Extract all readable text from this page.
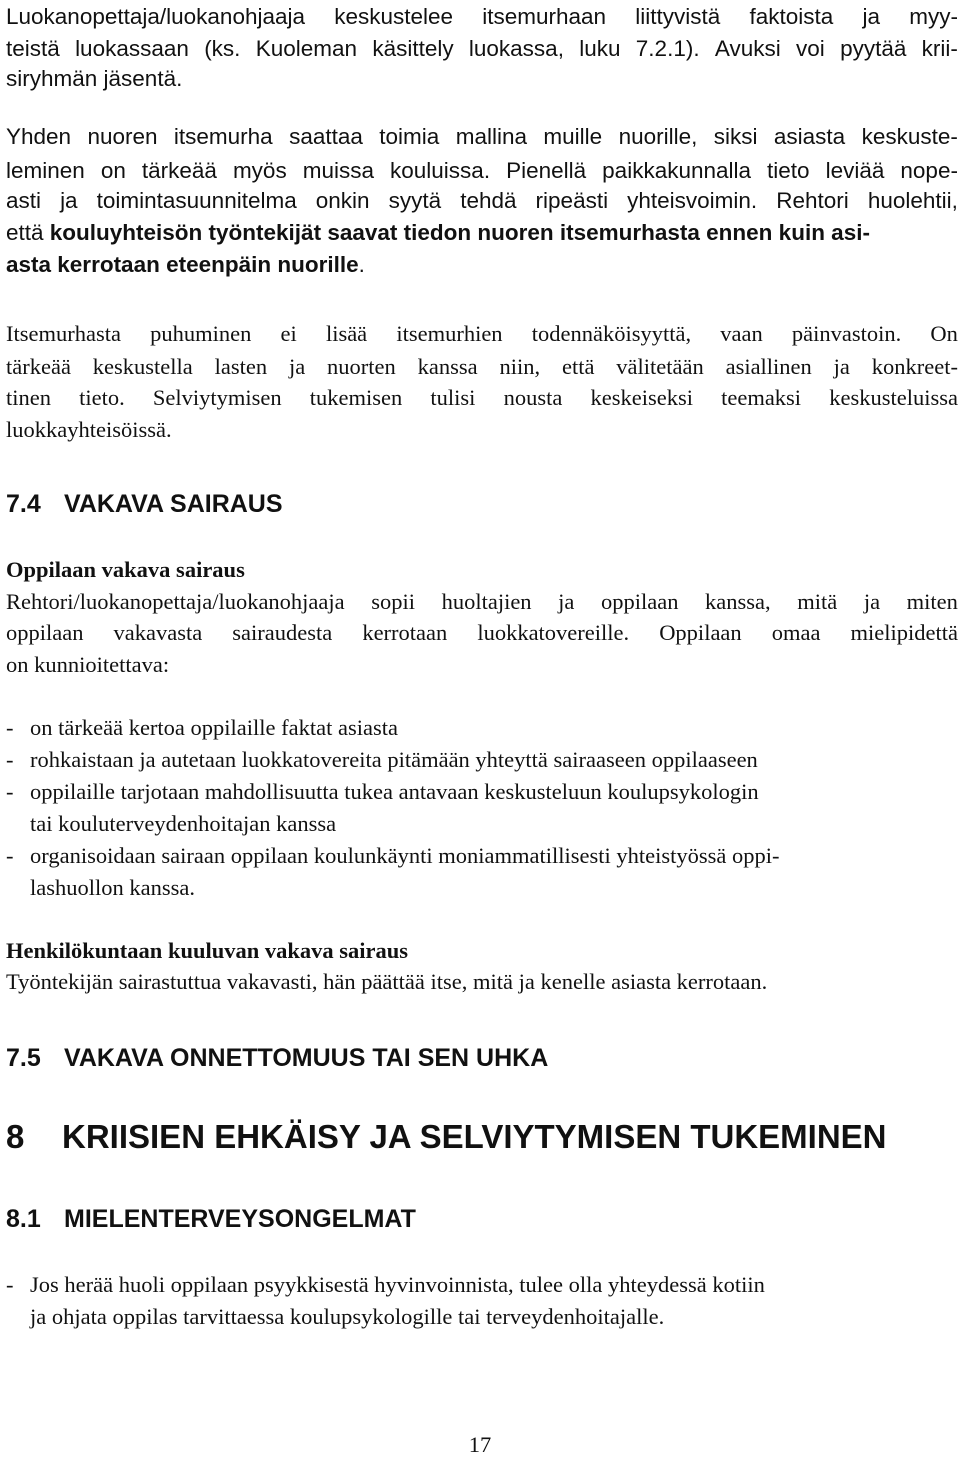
Luokanopettaja/luokanohjaaja keskustelee itsemurhaan liittyvistä faktoista ja myy-
teistä luokassaan (ks. Kuoleman käsittely luokassa, luku 7.2.1). Avuksi voi pyytää krii-
siryhmän jäsentä.
Yhden nuoren itsemurha saattaa toimia mallina muille nuorille, siksi asiasta keskuste-
leminen on tärkeää myös muissa kouluissa. Pienellä paikkakunnalla tieto leviää nope-
asti ja toimintasuunnitelma onkin syytä tehdä ripeästi yhteisvoimin. Rehtori huolehtii,
että kouluyhteisön työntekijät saavat tiedon nuoren itsemurhasta ennen kuin asi-
asta kerrotaan eteenpäin nuorille.
Itsemurhasta puhuminen ei lisää itsemurhien todennäköisyyttä, vaan päinvastoin. On
tärkeää keskustella lasten ja nuorten kanssa niin, että välitetään asiallinen ja konkreet-
tinen tieto. Selviytymisen tukemisen tulisi nousta keskeiseksi teemaksi keskusteluissa
luokkayhteisöissä.
7.4 VAKAVA SAIRAUS
Oppilaan vakava sairaus
Rehtori/luokanopettaja/luokanohjaaja sopii huoltajien ja oppilaan kanssa, mitä ja miten
oppilaan vakavasta sairaudesta kerrotaan luokkatovereille. Oppilaan omaa mielipidettä
on kunnioitettava:
- on tärkeää kertoa oppilaille faktat asiasta
- rohkaistaan ja autetaan luokkatovereita pitämään yhteyttä sairaaseen oppilaaseen
- oppilaille tarjotaan mahdollisuutta tukea antavaan keskusteluun koulupsykologin
tai kouluterveydenhoitajan kanssa
- organisoidaan sairaan oppilaan koulunkäynti moniammatillisesti yhteistyössä oppi-
lashuollon kanssa.
Henkilökuntaan kuuluvan vakava sairaus
Työntekijän sairastuttua vakavasti, hän päättää itse, mitä ja kenelle asiasta kerrotaan.
7.5 VAKAVA ONNETTOMUUS TAI SEN UHKA
8 KRIISIEN EHKÄISY JA SELVIYTYMISEN TUKEMINEN
8.1 MIELENTERVEYSONGELMAT
- Jos herää huoli oppilaan psyykkisestä hyvinvoinnista, tulee olla yhteydessä kotiin
ja ohjata oppilas tarvittaessa koulupsykologille tai terveydenhoitajalle.
17
